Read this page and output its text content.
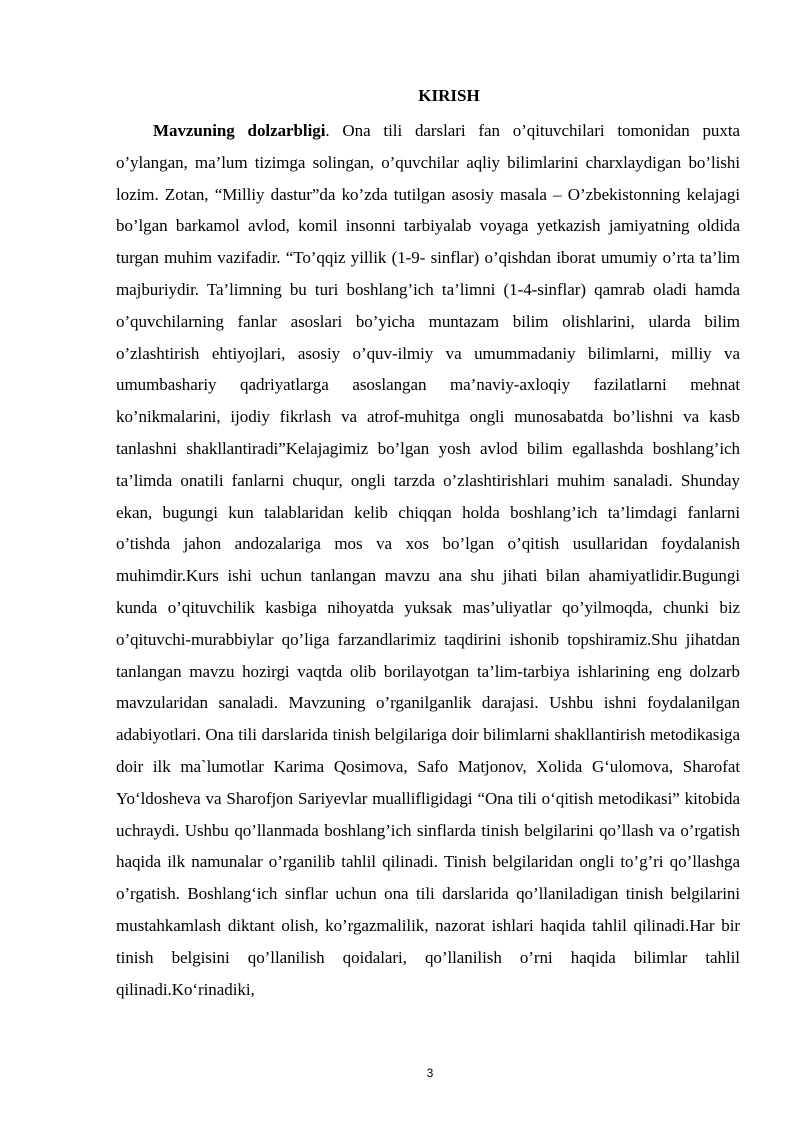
KIRISH

Mavzuning dolzarbligi. Ona tili darslari fan o’qituvchilari tomonidan puxta o’ylangan, ma’lum tizimga solingan, o’quvchilar aqliy bilimlarini charxlaydigan bo’lishi lozim. Zotan, “Milliy dastur”da ko’zda tutilgan asosiy masala – O’zbekistonning kelajagi bo’lgan barkamol avlod, komil insonni tarbiyalab voyaga yetkazish jamiyatning oldida turgan muhim vazifadir. “To’qqiz yillik (1-9- sinflar) o’qishdan iborat umumiy o’rta ta’lim majburiydir. Ta’limning bu turi boshlang’ich ta’limni (1-4-sinflar) qamrab oladi hamda o’quvchilarning fanlar asoslari bo’yicha muntazam bilim olishlarini, ularda bilim o’zlashtirish ehtiyojlari, asosiy o’quv-ilmiy va umummadaniy bilimlarni, milliy va umumbashariy qadriyatlarga asoslangan ma’naviy-axloqiy fazilatlarni mehnat ko’nikmalarini, ijodiy fikrlash va atrof-muhitga ongli munosabatda bo’lishni va kasb tanlashni shakllantiradi”Kelajagimiz bo’lgan yosh avlod bilim egallashda boshlang’ich ta’limda onatili fanlarni chuqur, ongli tarzda o’zlashtirishlari muhim sanaladi. Shunday ekan, bugungi kun talablaridan kelib chiqqan holda boshlang’ich ta’limdagi fanlarni o’tishda jahon andozalariga mos va xos bo’lgan o’qitish usullaridan foydalanish muhimdir.Kurs ishi uchun tanlangan mavzu ana shu jihati bilan ahamiyatlidir.Bugungi kunda o’qituvchilik kasbiga nihoyatda yuksak mas’uliyatlar qo’yilmoqda, chunki biz o’qituvchi-murabbiylar qo’liga farzandlarimiz taqdirini ishonib topshiramiz.Shu jihatdan tanlangan mavzu hozirgi vaqtda olib borilayotgan ta’lim-tarbiya ishlarining eng dolzarb mavzularidan sanaladi. Mavzuning o’rganilganlik darajasi. Ushbu ishni foydalanilgan adabiyotlari. Ona tili darslarida tinish belgilariga doir bilimlarni shakllantirish metodikasiga doir ilk ma`lumotlar Karima Qosimova, Safo Matjonov, Xolida G‘ulomova, Sharofat Yo‘ldosheva va Sharofjon Sariyevlar muallifligidagi “Ona tili o‘qitish metodikasi” kitobida uchraydi. Ushbu qo’llanmada boshlang’ich sinflarda tinish belgilarini qo’llash va o’rgatish haqida ilk namunalar o’rganilib tahlil qilinadi. Tinish belgilaridan ongli to’g’ri qo’llashga o’rgatish. Boshlang‘ich sinflar uchun ona tili darslarida qo’llaniladigan tinish belgilarini mustahkamlash diktant olish, ko’rgazmalilik, nazorat ishlari haqida tahlil qilinadi.Har bir tinish belgisini qo’llanilish qoidalari, qo’llanilish o’rni haqida bilimlar tahlil qilinadi.Ko‘rinadiki,

3
